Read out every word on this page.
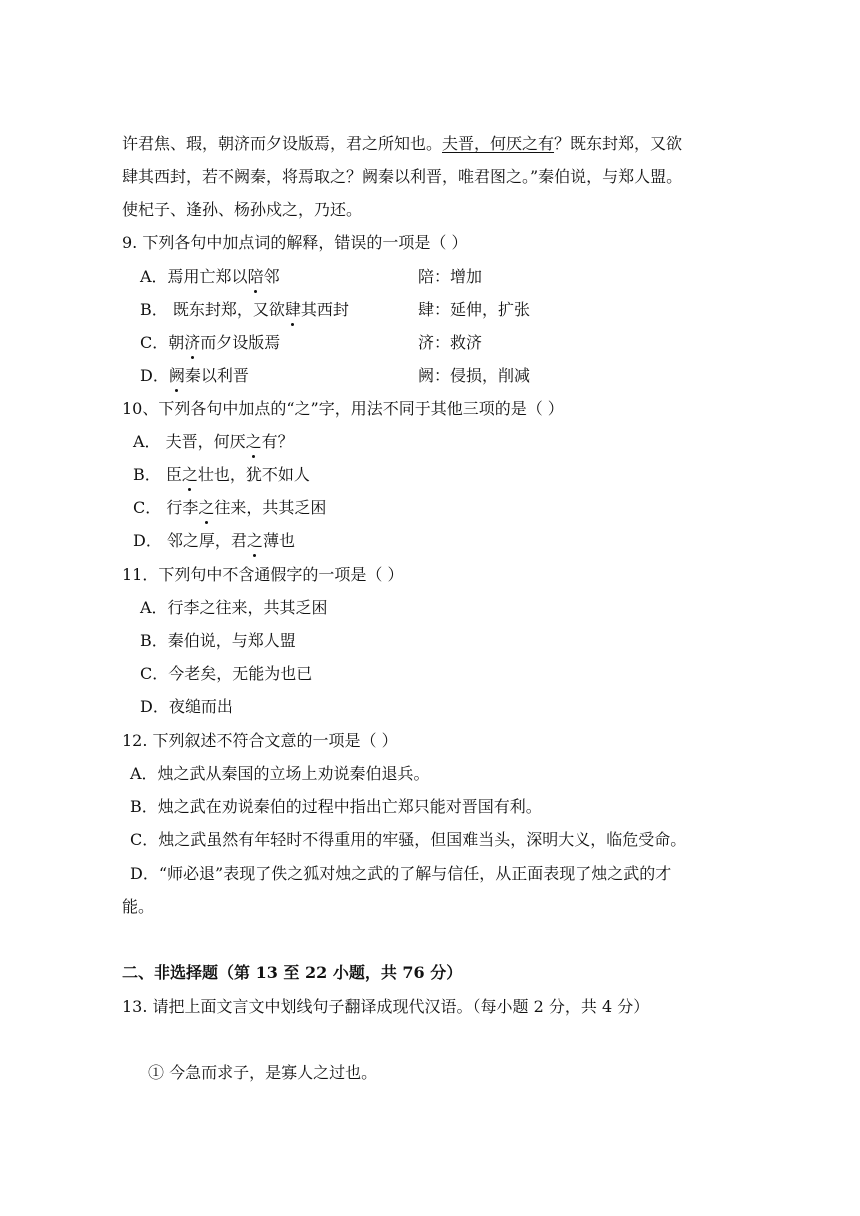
许君焦、瑕，朝济而夕设版焉，君之所知也。夫晋，何厌之有？既东封郑，又欲
肆其西封，若不阙秦，将焉取之？阙秦以利晋，唯君图之。”秦伯说，与郑人盟。
使杞子、逢孙、杨孙戍之，乃还。
9. 下列各句中加点词的解释，错误的一项是（ ）
A．焉用亡郑以陪邻	陪：增加
B． 既东封郑，又欲肆其西封	肆：延伸，扩张
C．朝济而夕设版焉	济：救济
D．阙秦以利晋	阙：侵损，削减
10、下列各句中加点的“之”字，用法不同于其他三项的是（ ）
A． 夫晋，何厌之有？
B． 臣之壮也，犹不如人
C． 行李之往来，共其乏困
D． 邻之厚，君之薄也
11．下列句中不含通假字的一项是（ ）
A．行李之往来，共其乏困
B．秦伯说，与郑人盟
C．今老矣，无能为也已
D．夜缒而出
12. 下列叙述不符合文意的一项是（ ）
A．烛之武从秦国的立场上劝说秦伯退兵。
B．烛之武在劝说秦伯的过程中指出亡郑只能对晋国有利。
C．烛之武虽然有年轻时不得重用的牢骚，但国难当头，深明大义，临危受命。
D．“师必退”表现了佚之狐对烛之武的了解与信任，从正面表现了烛之武的才
能。
二、非选择题（第 13 至 22 小题，共 76 分）
13. 请把上面文言文中划线句子翻译成现代汉语。（每小题 2 分，共 4 分）
① 今急而求子，是寡人之过也。
